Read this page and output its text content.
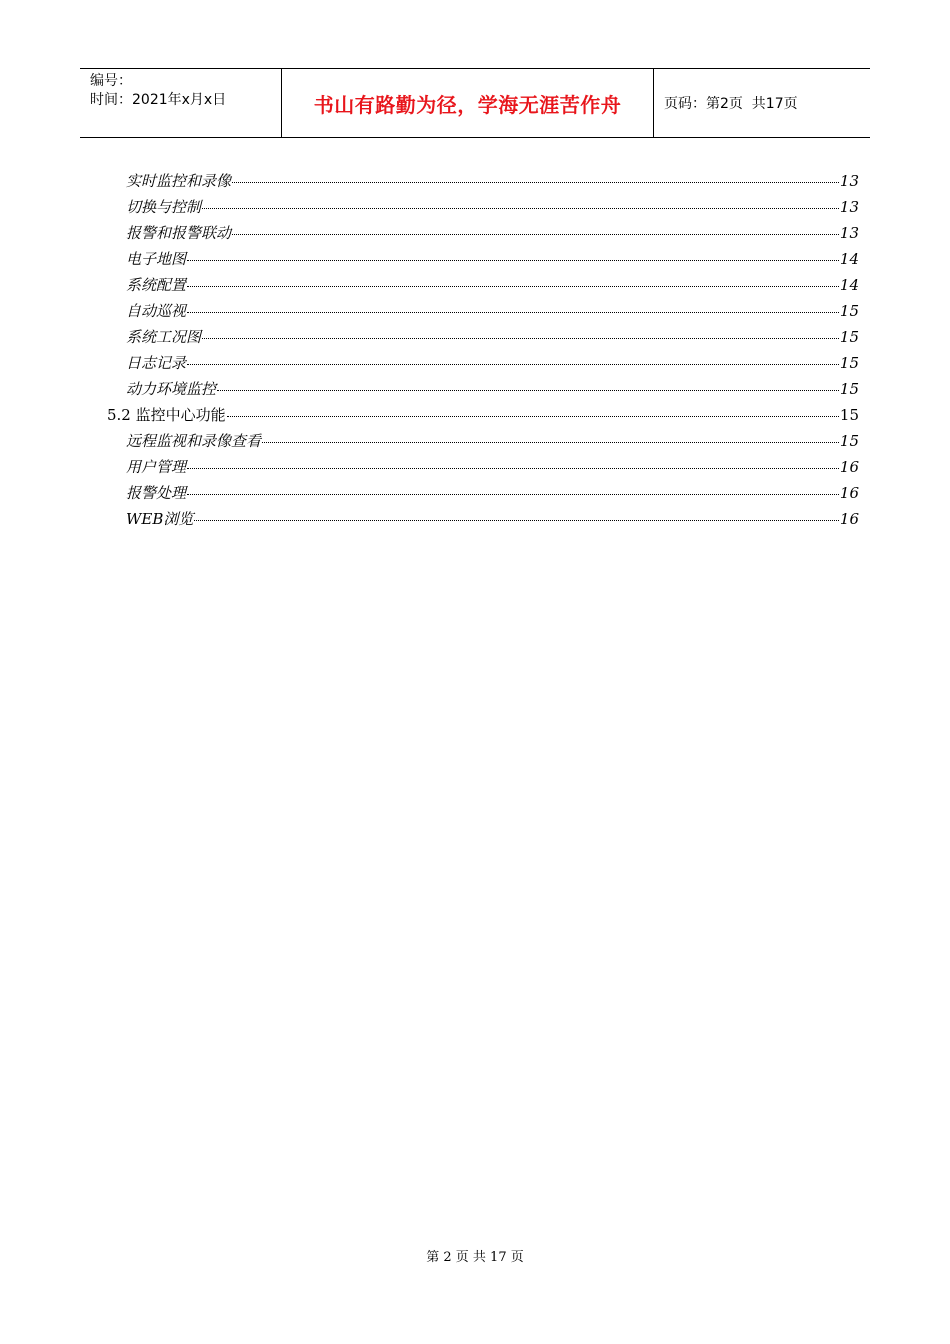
编号：
时间：2021年x月x日	书山有路勤为径，学海无涯苦作舟	页码：第2页  共17页
实时监控和录像	13
切换与控制	13
报警和报警联动	13
电子地图	14
系统配置	14
自动巡视	15
系统工况图	15
日志记录	15
动力环境监控	15
5.2 监控中心功能	15
远程监视和录像查看	15
用户管理	16
报警处理	16
WEB浏览	16
第 2 页 共 17 页
